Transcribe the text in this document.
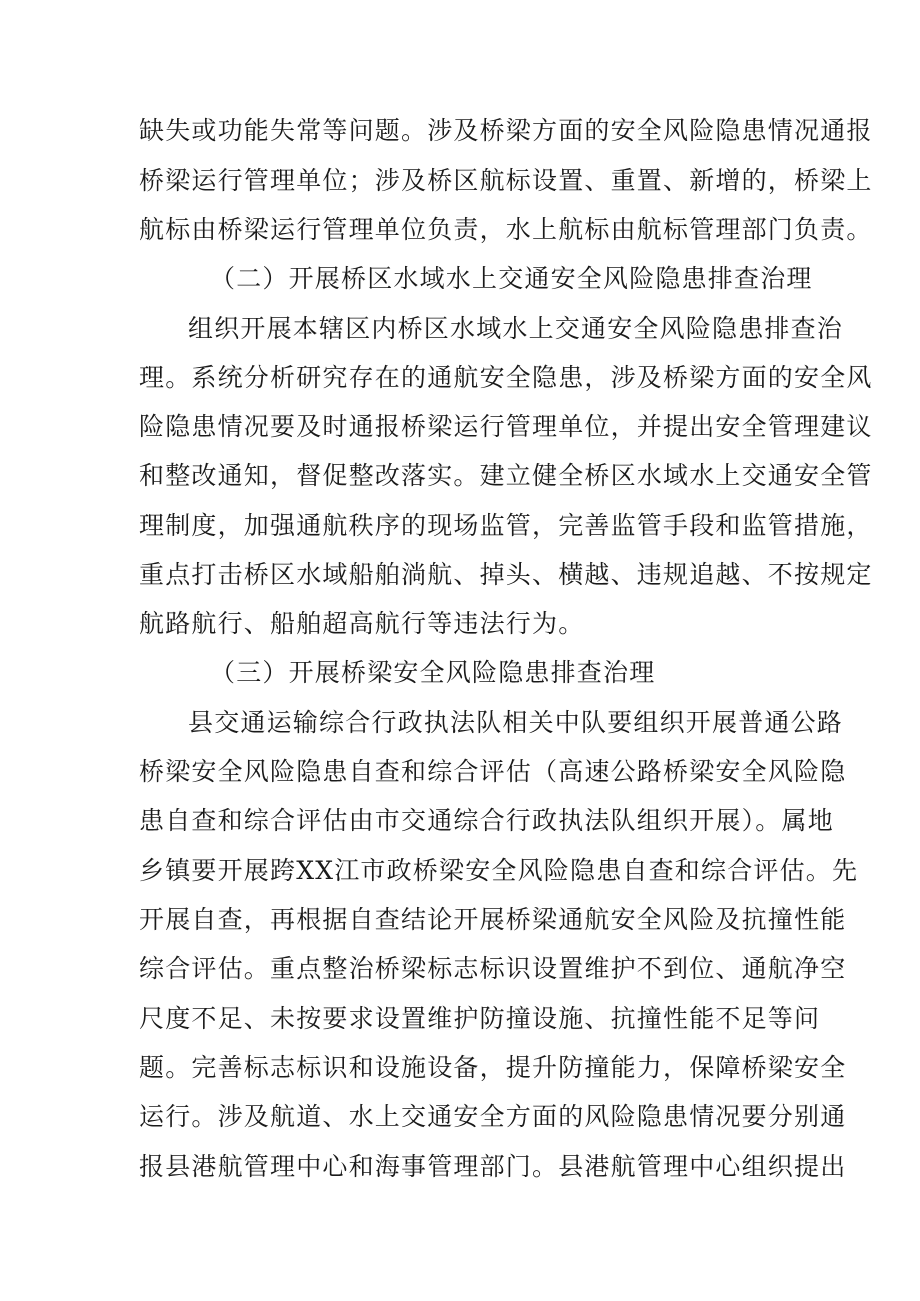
缺失或功能失常等问题。涉及桥梁方面的安全风险隐患情况通报
桥梁运行管理单位；涉及桥区航标设置、重置、新增的，桥梁上
航标由桥梁运行管理单位负责，水上航标由航标管理部门负责。
（二）开展桥区水域水上交通安全风险隐患排查治理
组织开展本辖区内桥区水域水上交通安全风险隐患排查治
理。系统分析研究存在的通航安全隐患，涉及桥梁方面的安全风
险隐患情况要及时通报桥梁运行管理单位，并提出安全管理建议
和整改通知，督促整改落实。建立健全桥区水域水上交通安全管
理制度，加强通航秩序的现场监管，完善监管手段和监管措施，
重点打击桥区水域船舶淌航、掉头、横越、违规追越、不按规定
航路航行、船舶超高航行等违法行为。
（三）开展桥梁安全风险隐患排查治理
县交通运输综合行政执法队相关中队要组织开展普通公路
桥梁安全风险隐患自查和综合评估（高速公路桥梁安全风险隐
患自查和综合评估由市交通综合行政执法队组织开展）。属地
乡镇要开展跨XX江市政桥梁安全风险隐患自查和综合评估。先
开展自查，再根据自查结论开展桥梁通航安全风险及抗撞性能
综合评估。重点整治桥梁标志标识设置维护不到位、通航净空
尺度不足、未按要求设置维护防撞设施、抗撞性能不足等问
题。完善标志标识和设施设备，提升防撞能力，保障桥梁安全
运行。涉及航道、水上交通安全方面的风险隐患情况要分别通
报县港航管理中心和海事管理部门。县港航管理中心组织提出
